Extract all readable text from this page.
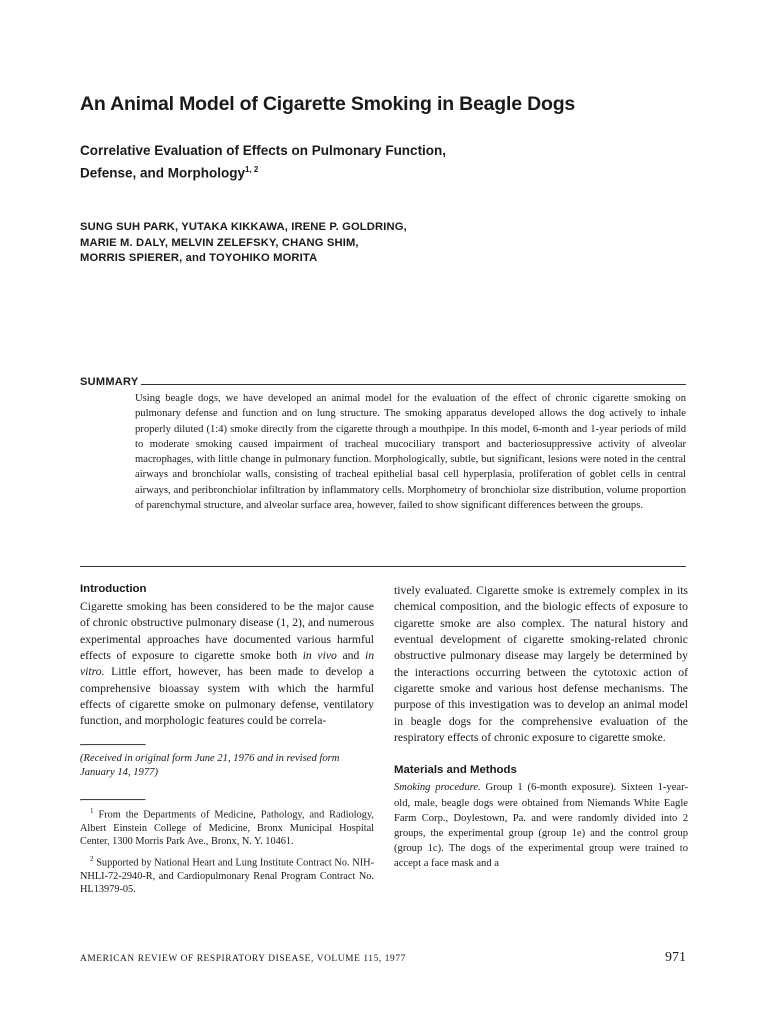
An Animal Model of Cigarette Smoking in Beagle Dogs
Correlative Evaluation of Effects on Pulmonary Function,
Defense, and Morphology$^{1, 2}$
SUNG SUH PARK, YUTAKA KIKKAWA, IRENE P. GOLDRING,
MARIE M. DALY, MELVIN ZELEFSKY, CHANG SHIM,
MORRIS SPIERER, and TOYOHIKO MORITA
SUMMARY

Using beagle dogs, we have developed an animal model for the evaluation of the effect of chronic cigarette smoking on pulmonary defense and function and on lung structure. The smoking apparatus developed allows the dog actively to inhale properly diluted (1:4) smoke directly from the cigarette through a mouthpipe. In this model, 6-month and 1-year periods of mild to moderate smoking caused impairment of tracheal mucociliary transport and bacteriosuppressive activity of alveolar macrophages, with little change in pulmonary function. Morphologically, subtle, but significant, lesions were noted in the central airways and bronchiolar walls, consisting of tracheal epithelial basal cell hyperplasia, proliferation of goblet cells in central airways, and peribronchiolar infiltration by inflammatory cells. Morphometry of bronchiolar size distribution, volume proportion of parenchymal structure, and alveolar surface area, however, failed to show significant differences between the groups.

Introduction

Cigarette smoking has been considered to be the major cause of chronic obstructive pulmonary disease (1, 2), and numerous experimental approaches have documented various harmful effects of exposure to cigarette smoke both in vivo and in vitro. Little effort, however, has been made to develop a comprehensive bioassay system with which the harmful effects of cigarette smoke on pulmonary defense, ventilatory function, and morphologic features could be correla-

(Received in original form June 21, 1976 and in revised form January 14, 1977)

$^1$ From the Departments of Medicine, Pathology, and Radiology, Albert Einstein College of Medicine, Bronx Municipal Hospital Center, 1300 Morris Park Ave., Bronx, N. Y. 10461.

$^2$ Supported by National Heart and Lung Institute Contract No. NIH-NHLI-72-2940-R, and Cardiopulmonary Renal Program Contract No. HL13979-05.

tively evaluated. Cigarette smoke is extremely complex in its chemical composition, and the biologic effects of exposure to cigarette smoke are also complex. The natural history and eventual development of cigarette smoking-related chronic obstructive pulmonary disease may largely be determined by the interactions occurring between the cytotoxic action of cigarette smoke and various host defense mechanisms. The purpose of this investigation was to develop an animal model in beagle dogs for the comprehensive evaluation of the respiratory effects of chronic exposure to cigarette smoke.

Materials and Methods

Smoking procedure. Group 1 (6-month exposure). Sixteen 1-year-old, male, beagle dogs were obtained from Niemands White Eagle Farm Corp., Doylestown, Pa. and were randomly divided into 2 groups, the experimental group (group 1e) and the control group (group 1c). The dogs of the experimental group were trained to accept a face mask and a

AMERICAN REVIEW OF RESPIRATORY DISEASE, VOLUME 115, 1977	971
